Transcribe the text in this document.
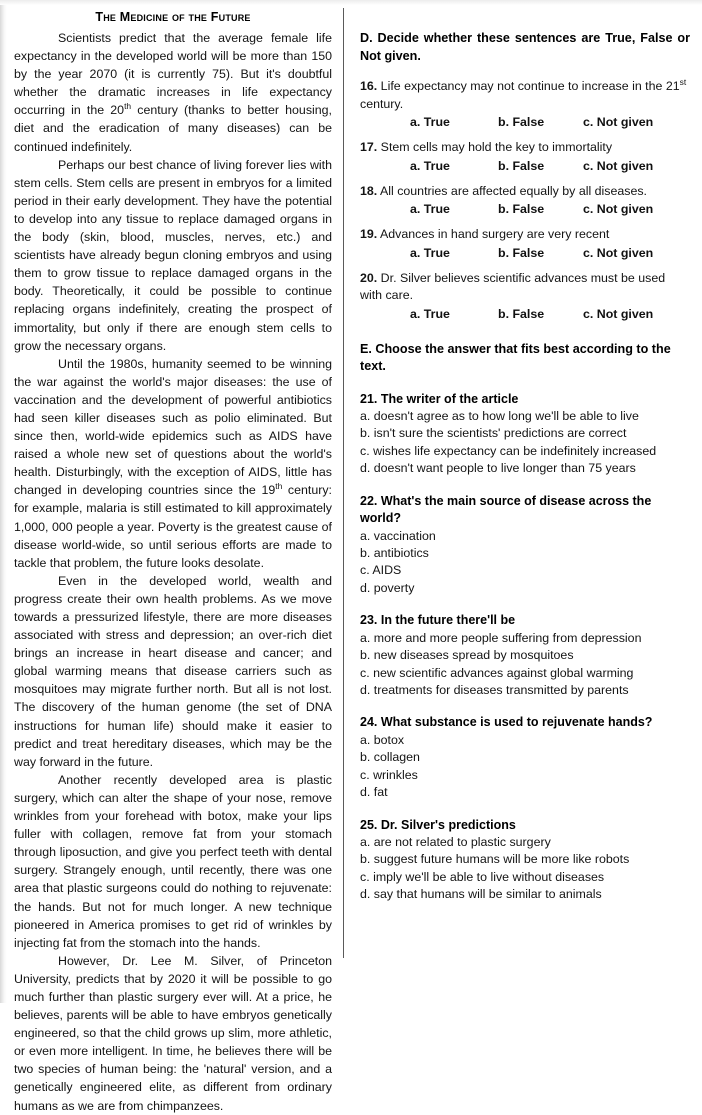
The Medicine of the Future

Scientists predict that the average female life expectancy in the developed world will be more than 150 by the year 2070 (it is currently 75). But it's doubtful whether the dramatic increases in life expectancy occurring in the 20th century (thanks to better housing, diet and the eradication of many diseases) can be continued indefinitely.

Perhaps our best chance of living forever lies with stem cells. Stem cells are present in embryos for a limited period in their early development. They have the potential to develop into any tissue to replace damaged organs in the body (skin, blood, muscles, nerves, etc.) and scientists have already begun cloning embryos and using them to grow tissue to replace damaged organs in the body. Theoretically, it could be possible to continue replacing organs indefinitely, creating the prospect of immortality, but only if there are enough stem cells to grow the necessary organs.

Until the 1980s, humanity seemed to be winning the war against the world's major diseases: the use of vaccination and the development of powerful antibiotics had seen killer diseases such as polio eliminated. But since then, world-wide epidemics such as AIDS have raised a whole new set of questions about the world's health. Disturbingly, with the exception of AIDS, little has changed in developing countries since the 19th century: for example, malaria is still estimated to kill approximately 1,000, 000 people a year. Poverty is the greatest cause of disease world-wide, so until serious efforts are made to tackle that problem, the future looks desolate.

Even in the developed world, wealth and progress create their own health problems. As we move towards a pressurized lifestyle, there are more diseases associated with stress and depression; an over-rich diet brings an increase in heart disease and cancer; and global warming means that disease carriers such as mosquitoes may migrate further north. But all is not lost. The discovery of the human genome (the set of DNA instructions for human life) should make it easier to predict and treat hereditary diseases, which may be the way forward in the future.

Another recently developed area is plastic surgery, which can alter the shape of your nose, remove wrinkles from your forehead with botox, make your lips fuller with collagen, remove fat from your stomach through liposuction, and give you perfect teeth with dental surgery. Strangely enough, until recently, there was one area that plastic surgeons could do nothing to rejuvenate: the hands. But not for much longer. A new technique pioneered in America promises to get rid of wrinkles by injecting fat from the stomach into the hands.

However, Dr. Lee M. Silver, of Princeton University, predicts that by 2020 it will be possible to go much further than plastic surgery ever will. At a price, he believes, parents will be able to have embryos genetically engineered, so that the child grows up slim, more athletic, or even more intelligent. In time, he believes there will be two species of human being: the 'natural' version, and a genetically engineered elite, as different from ordinary humans as we are from chimpanzees.

D. Decide whether these sentences are True, False or Not given.

16. Life expectancy may not continue to increase in the 21st century.

a. True	b. False	c. Not given

17. Stem cells may hold the key to immortality

a. True	b. False	c. Not given

18. All countries are affected equally by all diseases.

a. True	b. False	c. Not given

19. Advances in hand surgery are very recent

a. True	b. False	c. Not given

20. Dr. Silver believes scientific advances must be used with care.

a. True	b. False	c. Not given

E. Choose the answer that fits best according to the text.

21. The writer of the article

a. doesn't agree as to how long we'll be able to live

b. isn't sure the scientists' predictions are correct

c. wishes life expectancy can be indefinitely increased

d. doesn't want people to live longer than 75 years

22. What's the main source of disease across the world?

a. vaccination

b. antibiotics

c. AIDS

d. poverty

23. In the future there'll be

a. more and more people suffering from depression

b. new diseases spread by mosquitoes

c. new scientific advances against global warming

d. treatments for diseases transmitted by parents

24. What substance is used to rejuvenate hands?

a. botox

b. collagen

c. wrinkles

d. fat

25. Dr. Silver's predictions

a. are not related to plastic surgery

b. suggest future humans will be more like robots

c. imply we'll be able to live without diseases

d. say that humans will be similar to animals
